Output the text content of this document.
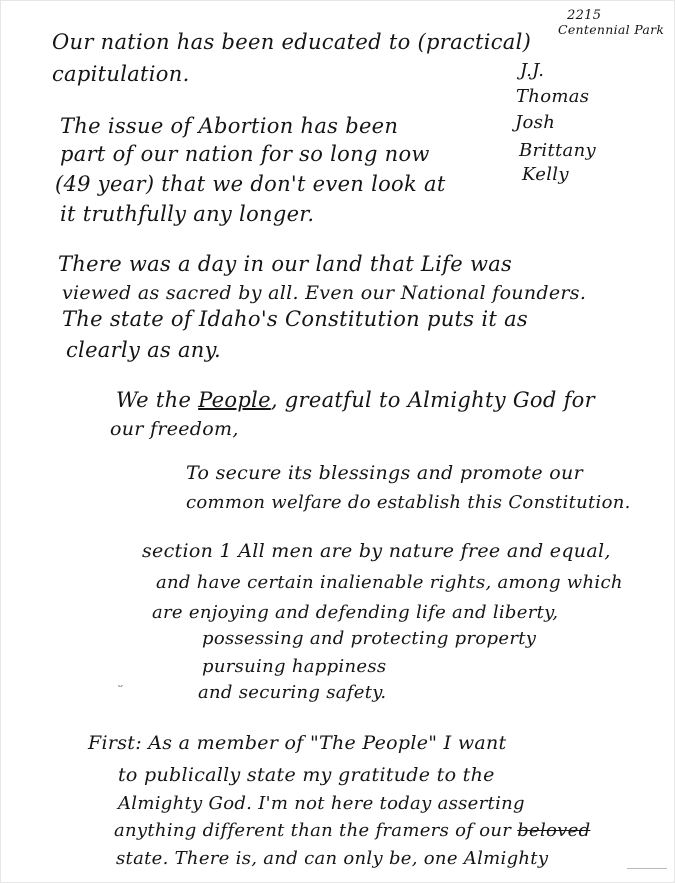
2215
Centennial Park
J.J.
Thomas
Josh
Brittany
Kelly
Our nation has been educated to (practical)
capitulation.
The issue of Abortion has been
part of our nation for so long now
(49 year) that we don't even look at
it truthfully any longer.
There was a day in our land that Life was
viewed as sacred by all. Even our National founders.
The state of Idaho's Constitution puts it as
clearly as any.
We the People, greatful to Almighty God for
our freedom,
To secure its blessings and promote our
common welfare do establish this Constitution.
section 1 All men are by nature free and equal,
and have certain inalienable rights, among which
are enjoying and defending life and liberty,
possessing and protecting property
pursuing happiness
and securing safety.
ᵕ
First: As a member of "The People" I want
to publically state my gratitude to the
Almighty God. I'm not here today asserting
anything different than the framers of our beloved
state. There is, and can only be, one Almighty
